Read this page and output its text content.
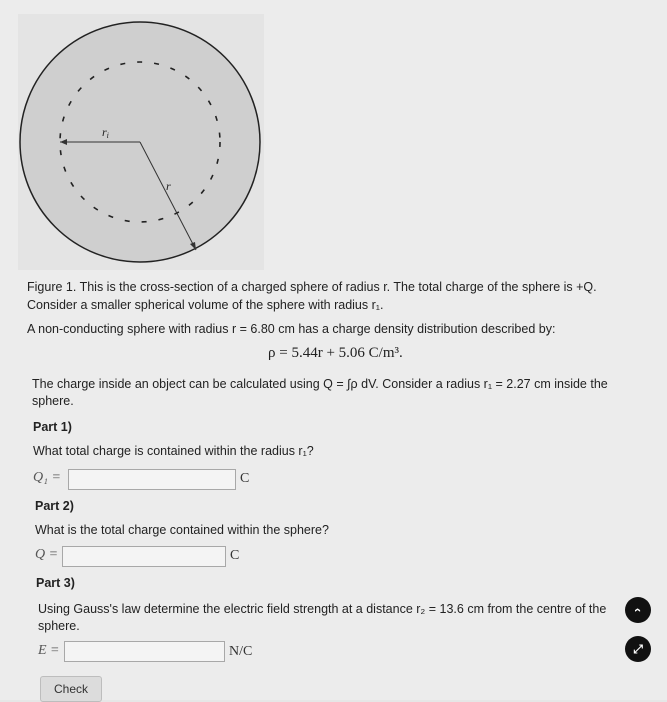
ri
r
Figure 1. This is the cross-section of a charged sphere of radius r. The total charge of the sphere is +Q.
Consider a smaller spherical volume of the sphere with radius r₁.
A non-conducting sphere with radius r = 6.80 cm has a charge density distribution described by:
ρ = 5.44r + 5.06 C/m³.
The charge inside an object can be calculated using Q = ∫ρ dV. Consider a radius r₁ = 2.27 cm inside the
sphere.
Part 1)
What total charge is contained within the radius r₁?
Q₁ =	C
Part 2)
What is the total charge contained within the sphere?
Q =	C
Part 3)
Using Gauss's law determine the electric field strength at a distance r₂ = 13.6 cm from the centre of the
sphere.
E =	N/C
Check
‹
⤢
